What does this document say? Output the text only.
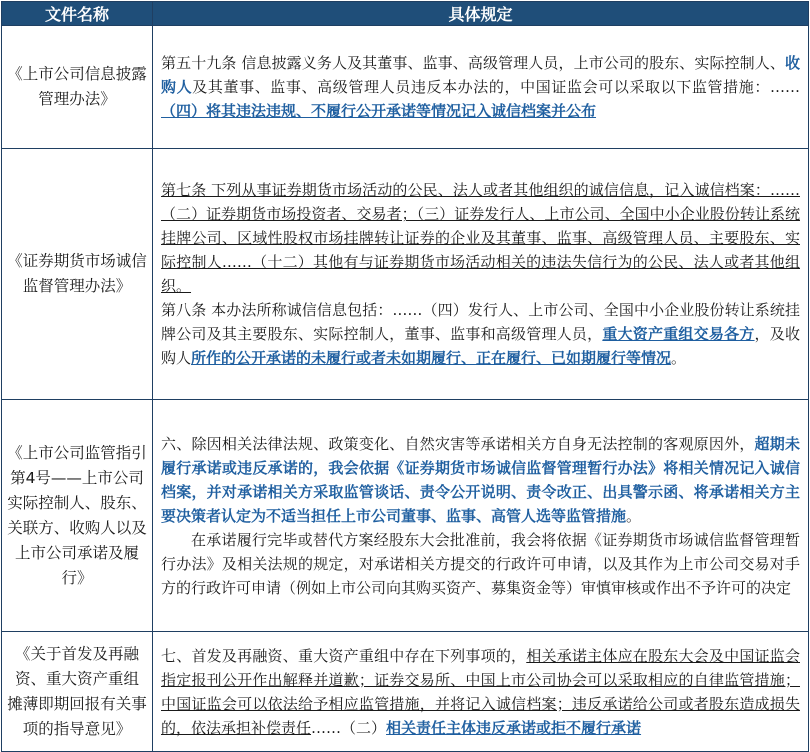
文件名称	具体规定
《上市公司信息披露管理办法》	第五十九条 信息披露义务人及其董事、监事、高级管理人员，上市公司的股东、实际控制人、收购人及其董事、监事、高级管理人员违反本办法的，中国证监会可以采取以下监管措施：……（四）将其违法违规、不履行公开承诺等情况记入诚信档案并公布

《证券期货市场诚信监督管理办法》	第七条 下列从事证券期货市场活动的公民、法人或者其他组织的诚信信息，记入诚信档案：……（二）证券期货市场投资者、交易者；（三）证券发行人、上市公司、全国中小企业股份转让系统挂牌公司、区域性股权市场挂牌转让证券的企业及其董事、监事、高级管理人员、主要股东、实际控制人……（十二）其他有与证券期货市场活动相关的违法失信行为的公民、法人或者其他组织。

第八条 本办法所称诚信信息包括：……（四）发行人、上市公司、全国中小企业股份转让系统挂牌公司及其主要股东、实际控制人，董事、监事和高级管理人员，重大资产重组交易各方，及收购人所作的公开承诺的未履行或者未如期履行、正在履行、已如期履行等情况。

《上市公司监管指引第4号——上市公司实际控制人、股东、关联方、收购人以及上市公司承诺及履行》	六、除因相关法律法规、政策变化、自然灾害等承诺相关方自身无法控制的客观原因外，超期未履行承诺或违反承诺的，我会依据《证券期货市场诚信监督管理暂行办法》将相关情况记入诚信档案，并对承诺相关方采取监管谈话、责令公开说明、责令改正、出具警示函、将承诺相关方主要决策者认定为不适当担任上市公司董事、监事、高管人选等监管措施。

在承诺履行完毕或替代方案经股东大会批准前，我会将依据《证券期货市场诚信监督管理暂行办法》及相关法规的规定，对承诺相关方提交的行政许可申请，以及其作为上市公司交易对手方的行政许可申请（例如上市公司向其购买资产、募集资金等）审慎审核或作出不予许可的决定

《关于首发及再融资、重大资产重组 摊薄即期回报有关事项的指导意见》	七、首发及再融资、重大资产重组中存在下列事项的，相关承诺主体应在股东大会及中国证监会指定报刊公开作出解释并道歉；证券交易所、中国上市公司协会可以采取相应的自律监管措施；中国证监会可以依法给予相应监管措施，并将记入诚信档案；违反承诺给公司或者股东造成损失的，依法承担补偿责任……（二）相关责任主体违反承诺或拒不履行承诺
